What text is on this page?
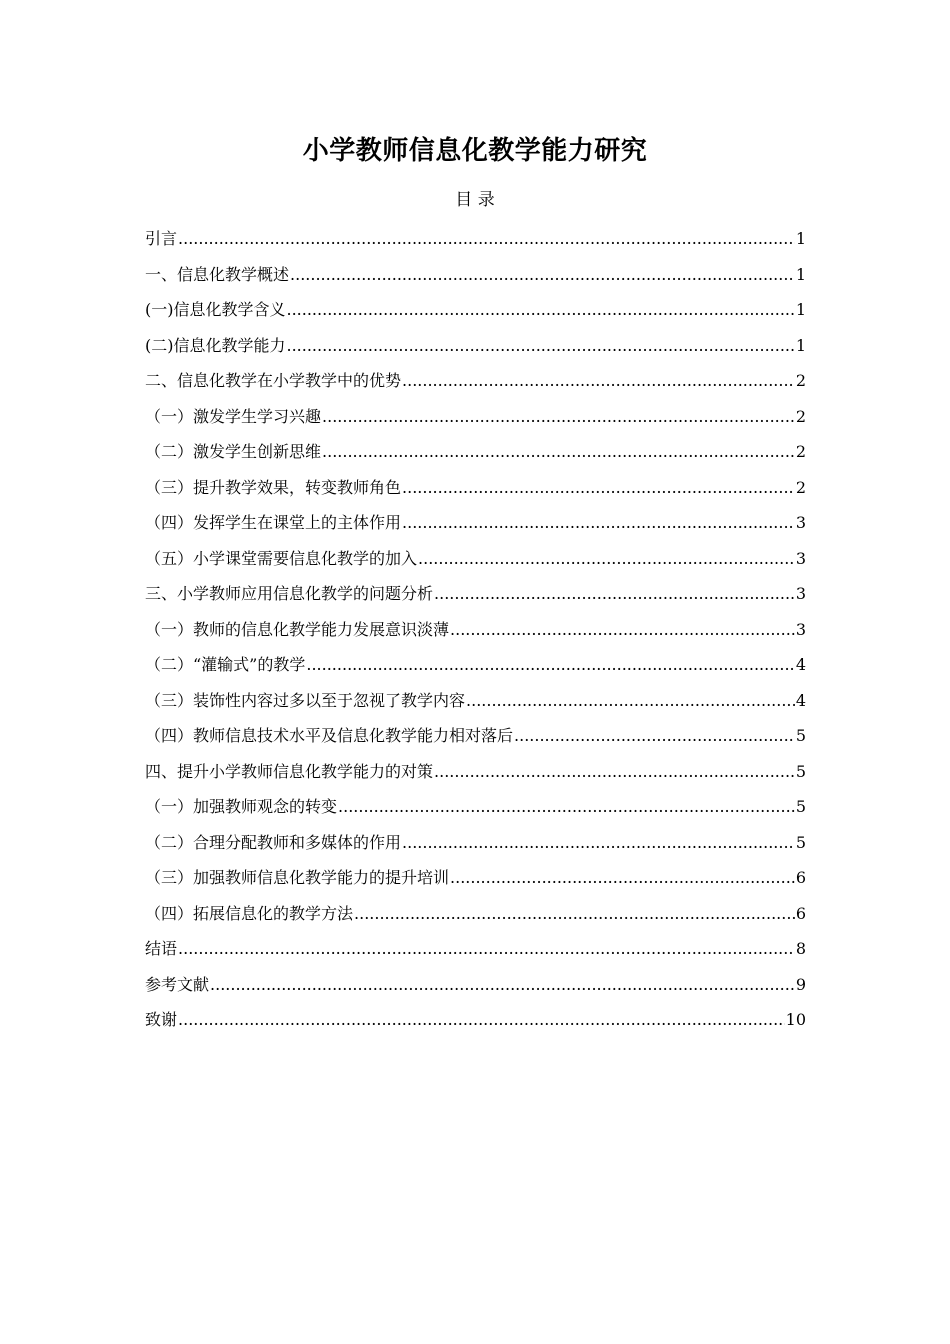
小学教师信息化教学能力研究
目 录
引言 .....	1
一、信息化教学概述 .....	1
(一)信息化教学含义 .....	1
(二)信息化教学能力 .....	1
二、信息化教学在小学教学中的优势 .....	2
（一）激发学生学习兴趣 .....	2
（二）激发学生创新思维 .....	2
（三）提升教学效果，转变教师角色 .....	2
（四）发挥学生在课堂上的主体作用 .....	3
（五）小学课堂需要信息化教学的加入 .....	3
三、小学教师应用信息化教学的问题分析 .....	3
（一）教师的信息化教学能力发展意识淡薄 .....	3
（二）“灌输式”的教学 .....	4
（三）装饰性内容过多以至于忽视了教学内容 .....	4
（四）教师信息技术水平及信息化教学能力相对落后 .....	5
四、提升小学教师信息化教学能力的对策 .....	5
（一）加强教师观念的转变 .....	5
（二）合理分配教师和多媒体的作用 .....	5
（三）加强教师信息化教学能力的提升培训 .....	6
（四）拓展信息化的教学方法 .....	6
结语 .....	8
参考文献 .....	9
致谢 .....	10
